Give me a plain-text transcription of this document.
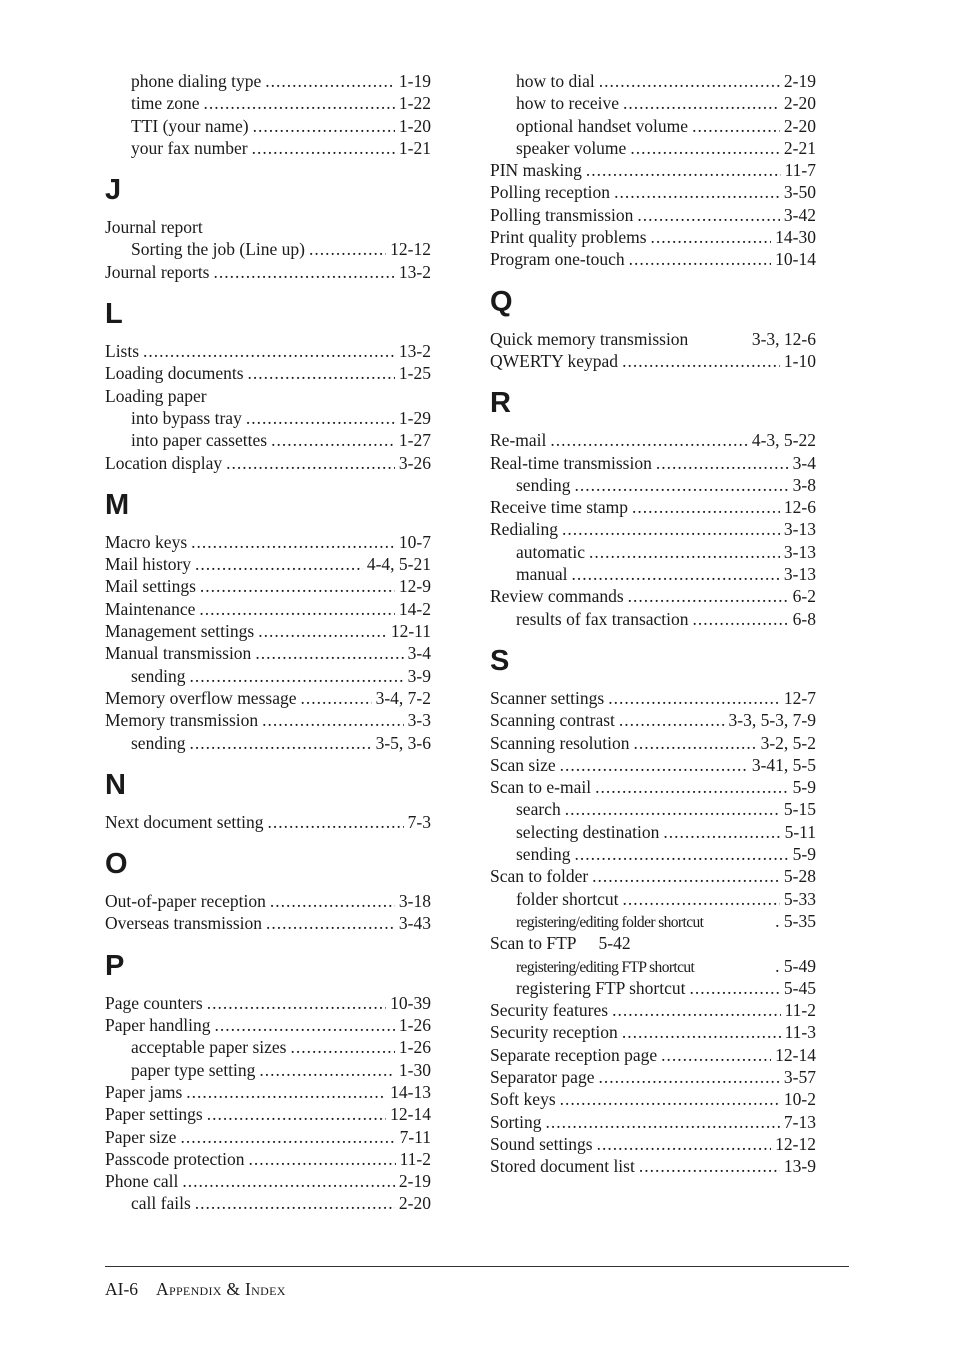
phone dialing type .....	1-19
time zone .....	1-22
TTI (your name) .....	1-20
your fax number .....	1-21
J
Journal report
Sorting the job (Line up) .....	12-12
Journal reports .....	13-2
L
Lists .....	13-2
Loading documents .....	1-25
Loading paper
into bypass tray .....	1-29
into paper cassettes .....	1-27
Location display .....	3-26
M
Macro keys .....	10-7
Mail history .....	4-4, 5-21
Mail settings .....	12-9
Maintenance .....	14-2
Management settings .....	12-11
Manual transmission .....	3-4
sending .....	3-9
Memory overflow message .....	3-4, 7-2
Memory transmission .....	3-3
sending .....	3-5, 3-6
N
Next document setting .....	7-3
O
Out-of-paper reception .....	3-18
Overseas transmission .....	3-43
P
Page counters .....	10-39
Paper handling .....	1-26
acceptable paper sizes .....	1-26
paper type setting .....	1-30
Paper jams .....	14-13
Paper settings .....	12-14
Paper size .....	7-11
Passcode protection .....	11-2
Phone call .....	2-19
call fails .....	2-20
how to dial .....	2-19
how to receive .....	2-20
optional handset volume .....	2-20
speaker volume .....	2-21
PIN masking .....	11-7
Polling reception .....	3-50
Polling transmission .....	3-42
Print quality problems .....	14-30
Program one-touch .....	10-14
Q
Quick memory transmission	3-3, 12-6
QWERTY keypad .....	1-10
R
Re-mail .....	4-3, 5-22
Real-time transmission .....	3-4
sending .....	3-8
Receive time stamp .....	12-6
Redialing .....	3-13
automatic .....	3-13
manual .....	3-13
Review commands .....	6-2
results of fax transaction .....	6-8
S
Scanner settings .....	12-7
Scanning contrast .....	3-3, 5-3, 7-9
Scanning resolution .....	3-2, 5-2
Scan size .....	3-41, 5-5
Scan to e-mail .....	5-9
search .....	5-15
selecting destination .....	5-11
sending .....	5-9
Scan to folder .....	5-28
folder shortcut .....	5-33
registering/editing folder shortcut	. 5-35
Scan to FTP 5-42
registering/editing FTP shortcut	. 5-49
registering FTP shortcut .....	5-45
Security features .....	11-2
Security reception .....	11-3
Separate reception page .....	12-14
Separator page .....	3-57
Soft keys .....	10-2
Sorting .....	7-13
Sound settings .....	12-12
Stored document list .....	13-9
AI-6 Appendix & Index
